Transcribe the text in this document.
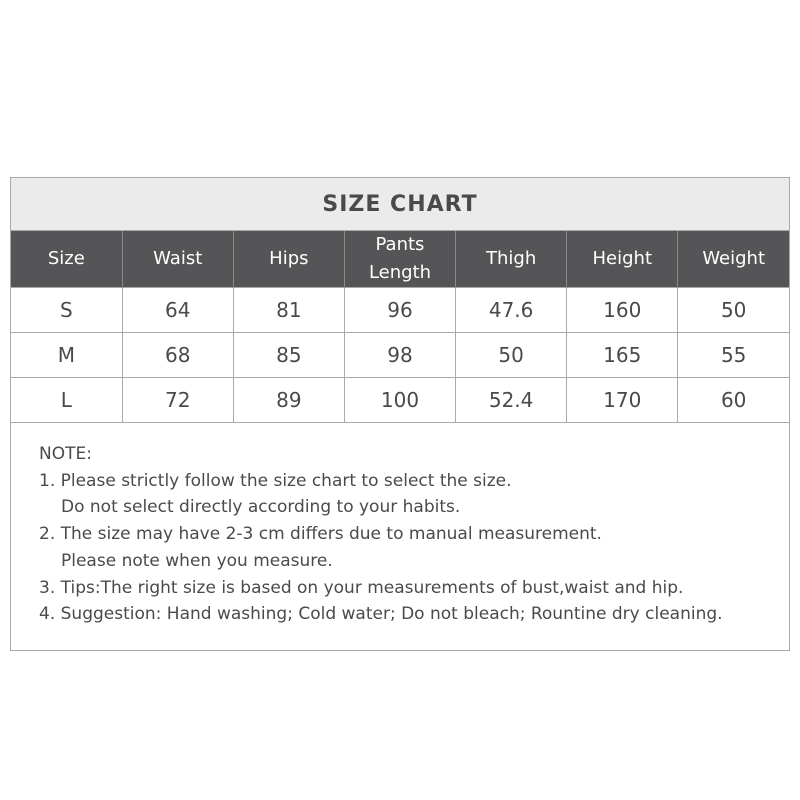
SIZE CHART
Size	Waist	Hips	Pants Length	Thigh	Height	Weight
S	64	81	96	47.6	160	50
M	68	85	98	50	165	55
L	72	89	100	52.4	170	60
NOTE:
1. Please strictly follow the size chart to select the size.
Do not select directly according to your habits.
2. The size may have 2-3 cm differs due to manual measurement.
Please note when you measure.
3. Tips:The right size is based on your measurements of bust,waist and hip.
4. Suggestion: Hand washing; Cold water; Do not bleach; Rountine dry cleaning.
